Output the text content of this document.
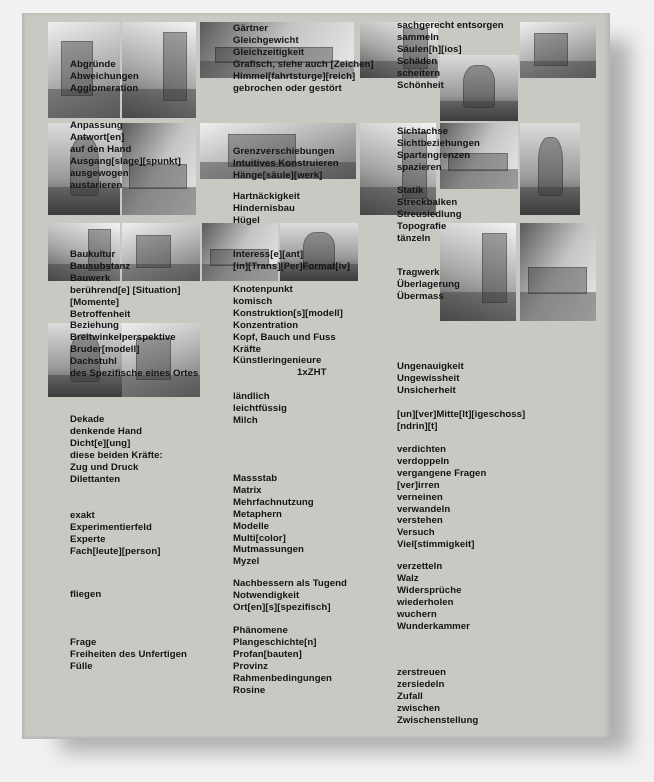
Abgründe
Abweichungen
Agglomeration
Anpassung
Antwort[en]
auf den Hand
Ausgang[slage][spunkt]
ausgewogen
austarieren
Baukultur
Bausubstanz
Bauwerk
berührend[e] [Situation]
[Momente]
Betroffenheit
Beziehung
Breitwinkelperspektive
Bruder[modell]
Dachstuhl
des Spezifische eines Ortes
Dekade
denkende Hand
Dicht[e][ung]
diese beiden Kräfte:
Zug und Druck
Dilettanten
exakt
Experimentierfeld
Experte
Fach[leute][person]
fliegen
Frage
Freiheiten des Unfertigen
Fülle
Gärtner
Gleichgewicht
Gleichzeitigkeit
Grafisch, siehe auch [Zeichen]
Himmel[fahrtsturge][reich]
gebrochen oder gestört
Grenzverschiebungen
Intuitives Konstruieren
Hänge[säule][werk]
Hartnäckigkeit
Hindernisbau
Hügel
Interess[e][ant]
[in][Trans][Per]Format[iv]
Knotenpunkt
komisch
Konstruktion[s][modell]
Konzentration
Kopf, Bauch und Fuss
Kräfte
Künstleringenieure
1xZHT
ländlich
leichtfüssig
Milch
Massstab
Matrix
Mehrfachnutzung
Metaphern
Modelle
Multi[color]
Mutmassungen
Myzel
Nachbessern als Tugend
Notwendigkeit
Ort[en][s][spezifisch]
Phänomene
Plangeschichte[n]
Profan[bauten]
Provinz
Rahmenbedingungen
Rosine
sachgerecht entsorgen
sammeln
Säulen[h][ios]
Schäden
scheitern
Schönheit
Sichtachse
Sichtbeziehungen
Spartengrenzen
spazieren
Statik
Streckbalken
Streusiedlung
Topografie
tänzeln
Tragwerk
Überlagerung
Übermass
Ungenauigkeit
Ungewissheit
Unsicherheit
[un][ver]Mitte[lt][igeschoss]
[ndrin][t]
verdichten
verdoppeln
vergangene Fragen
[ver]irren
verneinen
verwandeln
verstehen
Versuch
Viel[stimmigkeit]
verzetteln
Walz
Widersprüche
wiederholen
wuchern
Wunderkammer
zerstreuen
zersiedeln
Zufall
zwischen
Zwischenstellung
